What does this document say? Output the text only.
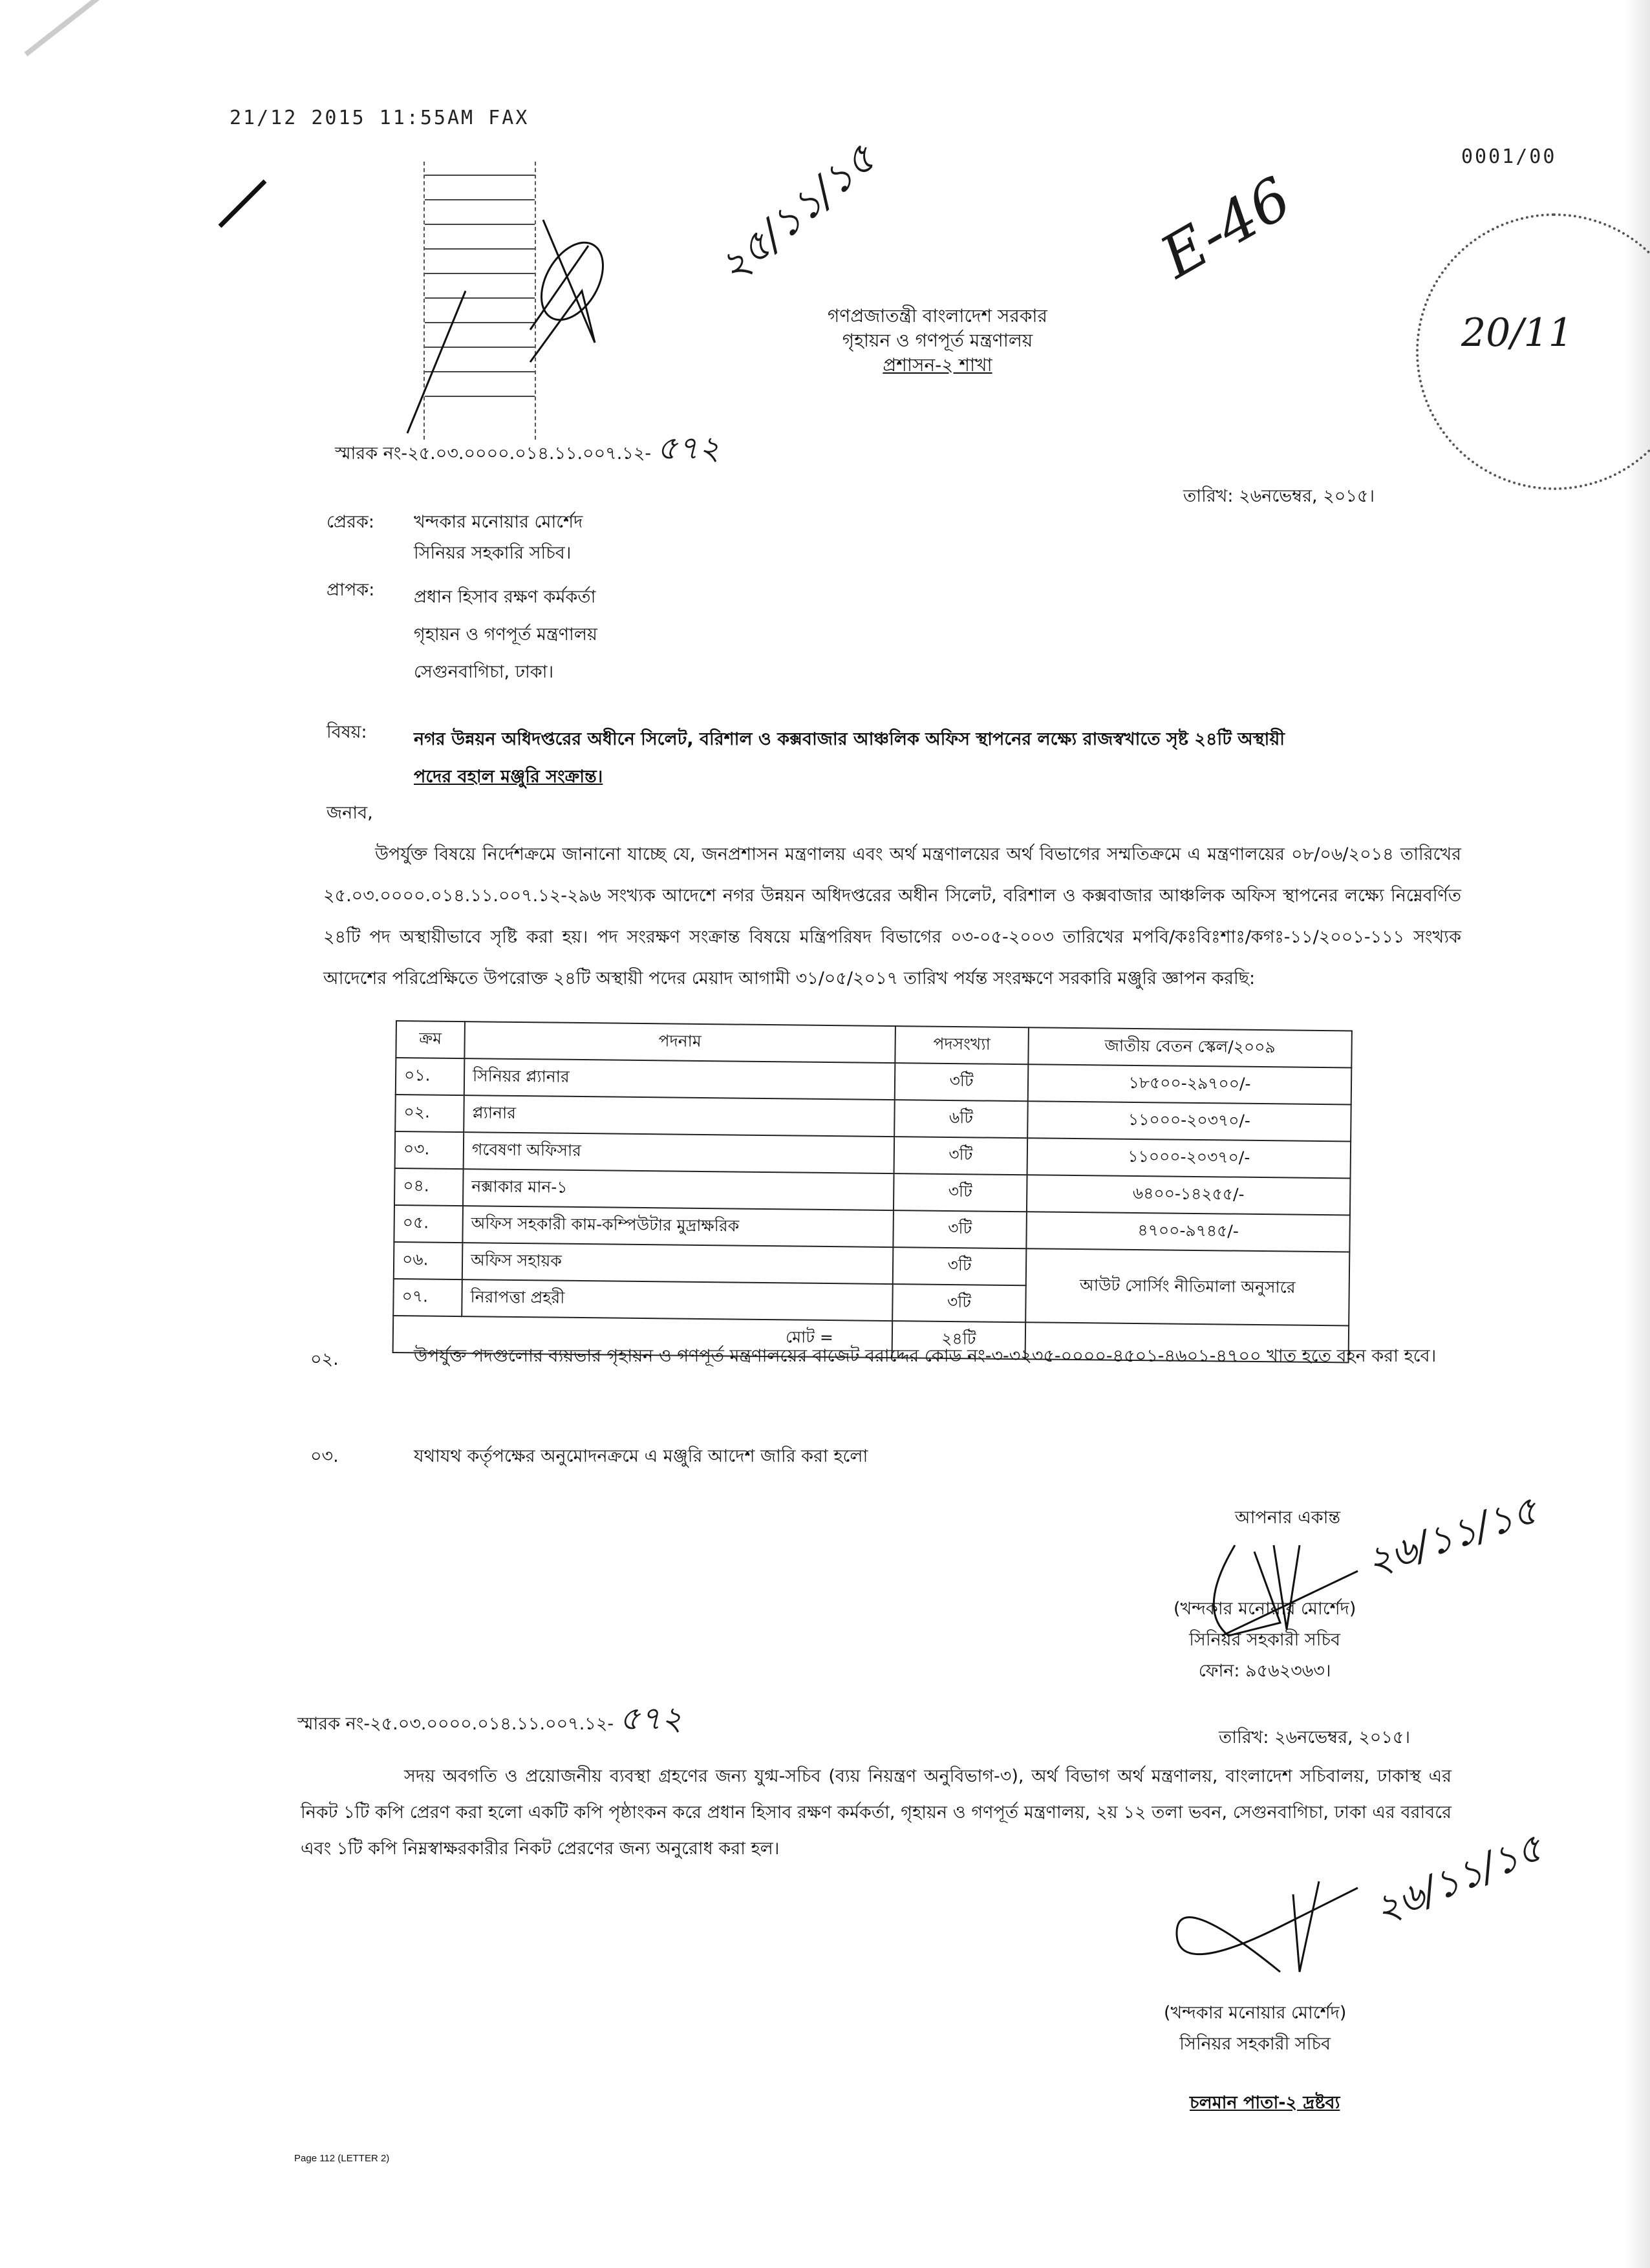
21/12 2015 11:55AM FAX
২৫/১১/১৫	E-46
0001/00
20/11
গণপ্রজাতন্ত্রী বাংলাদেশ সরকার
গৃহায়ন ও গণপূর্ত মন্ত্রণালয়
প্রশাসন-২ শাখা
স্মারক নং-২৫.০৩.০০০০.০১৪.১১.০০৭.১২- ৫৭২
তারিখ: ২৬নভেম্বর, ২০১৫।
প্রেরক: খন্দকার মনোয়ার মোর্শেদ
সিনিয়র সহকারি সচিব।
প্রাপক: প্রধান হিসাব রক্ষণ কর্মকর্তা
গৃহায়ন ও গণপূর্ত মন্ত্রণালয়
সেগুনবাগিচা, ঢাকা।
বিষয়:	নগর উন্নয়ন অধিদপ্তরের অধীনে সিলেট, বরিশাল ও কক্সবাজার আঞ্চলিক অফিস স্থাপনের লক্ষ্যে রাজস্বখাতে সৃষ্ট ২৪টি অস্থায়ী
পদের বহাল মঞ্জুরি সংক্রান্ত।
জনাব,
উপর্যুক্ত বিষয়ে নির্দেশক্রমে জানানো যাচ্ছে যে, জনপ্রশাসন মন্ত্রণালয় এবং অর্থ মন্ত্রণালয়ের অর্থ বিভাগের সম্মতিক্রমে এ মন্ত্রণালয়ের ০৮/০৬/২০১৪ তারিখের ২৫.০৩.০০০০.০১৪.১১.০০৭.১২-২৯৬ সংখ্যক আদেশে নগর উন্নয়ন অধিদপ্তরের অধীন সিলেট, বরিশাল ও কক্সবাজার আঞ্চলিক অফিস স্থাপনের লক্ষ্যে নিম্নেবর্ণিত ২৪টি পদ অস্থায়ীভাবে সৃষ্টি করা হয়। পদ সংরক্ষণ সংক্রান্ত বিষয়ে মন্ত্রিপরিষদ বিভাগের ০৩-০৫-২০০৩ তারিখের মপবি/কঃবিঃশাঃ/কগঃ-১১/২০০১-১১১ সংখ্যক আদেশের পরিপ্রেক্ষিতে উপরোক্ত ২৪টি অস্থায়ী পদের মেয়াদ আগামী ৩১/০৫/২০১৭ তারিখ পর্যন্ত সংরক্ষণে সরকারি মঞ্জুরি জ্ঞাপন করছি:
ক্রম	পদনাম	পদসংখ্যা	জাতীয় বেতন স্কেল/২০০৯
০১.	সিনিয়র প্ল্যানার	৩টি	১৮৫০০-২৯৭০০/-
০২.	প্ল্যানার	৬টি	১১০০০-২০৩৭০/-
০৩.	গবেষণা অফিসার	৩টি	১১০০০-২০৩৭০/-
০৪.	নক্সাকার মান-১	৩টি	৬৪০০-১৪২৫৫/-
০৫.	অফিস সহকারী কাম-কম্পিউটার মুদ্রাক্ষরিক	৩টি	৪৭০০-৯৭৪৫/-
০৬.	অফিস সহায়ক	৩টি	আউট সোর্সিং নীতিমালা অনুসারে
০৭.	নিরাপত্তা প্রহরী	৩টি	
মোট =		২৪টি	
০২.	উপর্যুক্ত পদগুলোর ব্যয়ভার গৃহায়ন ও গণপূর্ত মন্ত্রণালয়ের বাজেট বরাদ্দের কোড নং-৩-৩২৩৫-০০০০-৪৫০১-৪৬০১-৪৭০০ খাত হতে বহন করা হবে।
০৩.	যথাযথ কর্তৃপক্ষের অনুমোদনক্রমে এ মঞ্জুরি আদেশ জারি করা হলো
আপনার একান্ত ২৬/১১/১৫
(খন্দকার মনোয়ার মোর্শেদ)
সিনিয়র সহকারী সচিব
ফোন: ৯৫৬২৩৬৩।
স্মারক নং-২৫.০৩.০০০০.০১৪.১১.০০৭.১২- ৫৭২
তারিখ: ২৬নভেম্বর, ২০১৫।
সদয় অবগতি ও প্রয়োজনীয় ব্যবস্থা গ্রহণের জন্য যুগ্ম-সচিব (ব্যয় নিয়ন্ত্রণ অনুবিভাগ-৩), অর্থ বিভাগ অর্থ মন্ত্রণালয়, বাংলাদেশ সচিবালয়, ঢাকাস্থ এর নিকট ১টি কপি প্রেরণ করা হলো একটি কপি পৃষ্ঠাংকন করে প্রধান হিসাব রক্ষণ কর্মকর্তা, গৃহায়ন ও গণপূর্ত মন্ত্রণালয়, ২য় ১২ তলা ভবন, সেগুনবাগিচা, ঢাকা এর বরাবরে এবং ১টি কপি নিম্নস্বাক্ষরকারীর নিকট প্রেরণের জন্য অনুরোধ করা হল।	২৬/১১/১৫
(খন্দকার মনোয়ার মোর্শেদ)
সিনিয়র সহকারী সচিব
চলমান পাতা-২ দ্রষ্টব্য
Page 112 (LETTER 2)
